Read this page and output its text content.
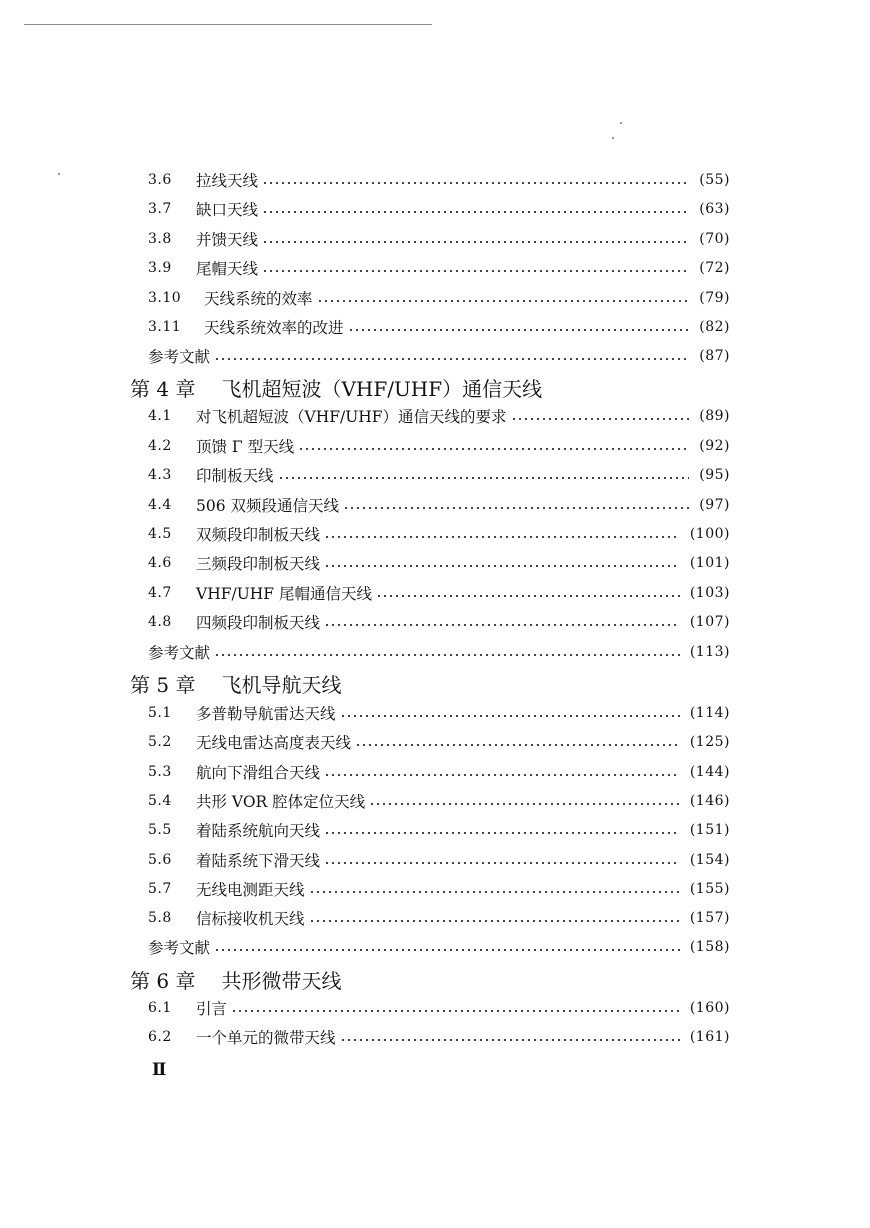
3.6	拉线天线	(55)
3.7	缺口天线	(63)
3.8	并馈天线	(70)
3.9	尾帽天线	(72)
3.10	天线系统的效率	(79)
3.11	天线系统效率的改进	(82)
参考文献	(87)
第 4 章 飞机超短波（VHF/UHF）通信天线
4.1	对飞机超短波（VHF/UHF）通信天线的要求	(89)
4.2	顶馈 Γ 型天线	(92)
4.3	印制板天线	(95)
4.4	506 双频段通信天线	(97)
4.5	双频段印制板天线	(100)
4.6	三频段印制板天线	(101)
4.7	VHF/UHF 尾帽通信天线	(103)
4.8	四频段印制板天线	(107)
参考文献	(113)
第 5 章 飞机导航天线
5.1	多普勒导航雷达天线	(114)
5.2	无线电雷达高度表天线	(125)
5.3	航向下滑组合天线	(144)
5.4	共形 VOR 腔体定位天线	(146)
5.5	着陆系统航向天线	(151)
5.6	着陆系统下滑天线	(154)
5.7	无线电测距天线	(155)
5.8	信标接收机天线	(157)
参考文献	(158)
第 6 章 共形微带天线
6.1	引言	(160)
6.2	一个单元的微带天线	(161)
Ⅱ
